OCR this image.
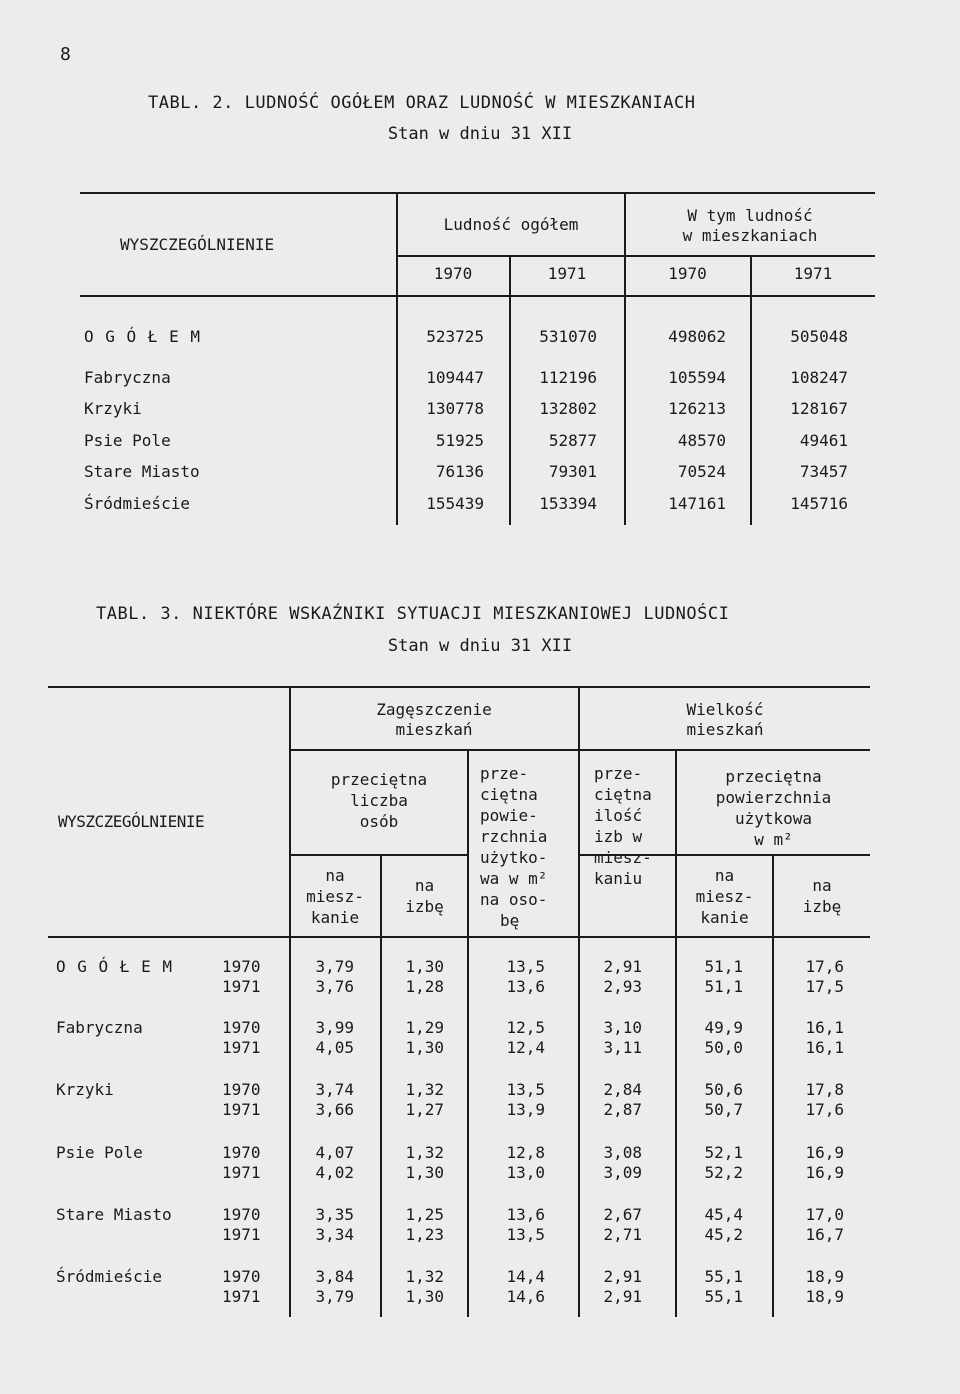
8
TABL. 2. LUDNOŚĆ OGÓŁEM ORAZ LUDNOŚĆ W MIESZKANIACH
Stan w dniu 31 XII
WYSZCZEGÓLNIENIE
Ludność ogółem	W tym ludność
w mieszkaniach
1970	1971	1970	1971
O G Ó Ł E M	523725	531070	498062	505048
Fabryczna	109447	112196	105594	108247
Krzyki	130778	132802	126213	128167
Psie Pole	51925	52877	48570	49461
Stare Miasto	76136	79301	70524	73457
Śródmieście	155439	153394	147161	145716
TABL. 3. NIEKTÓRE WSKAŹNIKI SYTUACJI MIESZKANIOWEJ LUDNOŚCI
Stan w dniu 31 XII
WYSZCZEGÓLNIENIE
Zagęszczenie
mieszkań
Wielkość
mieszkań
przeciętna
liczba
osób
na
miesz-
kanie
na
izbę
prze-
ciętna
powie-
rzchnia
użytko-
wa w m²
na oso-
bę
prze-
ciętna
ilość
izb w
miesz-
kaniu
przeciętna
powierzchnia
użytkowa
w m²
na
miesz-
kanie
na
izbę
O G Ó Ł E M	1970	3,79	1,30	13,5	2,91	51,1	17,6
1971	3,76	1,28	13,6	2,93	51,1	17,5
Fabryczna	1970	3,99	1,29	12,5	3,10	49,9	16,1
1971	4,05	1,30	12,4	3,11	50,0	16,1
Krzyki	1970	3,74	1,32	13,5	2,84	50,6	17,8
1971	3,66	1,27	13,9	2,87	50,7	17,6
Psie Pole	1970	4,07	1,32	12,8	3,08	52,1	16,9
1971	4,02	1,30	13,0	3,09	52,2	16,9
Stare Miasto	1970	3,35	1,25	13,6	2,67	45,4	17,0
1971	3,34	1,23	13,5	2,71	45,2	16,7
Śródmieście	1970	3,84	1,32	14,4	2,91	55,1	18,9
1971	3,79	1,30	14,6	2,91	55,1	18,9
